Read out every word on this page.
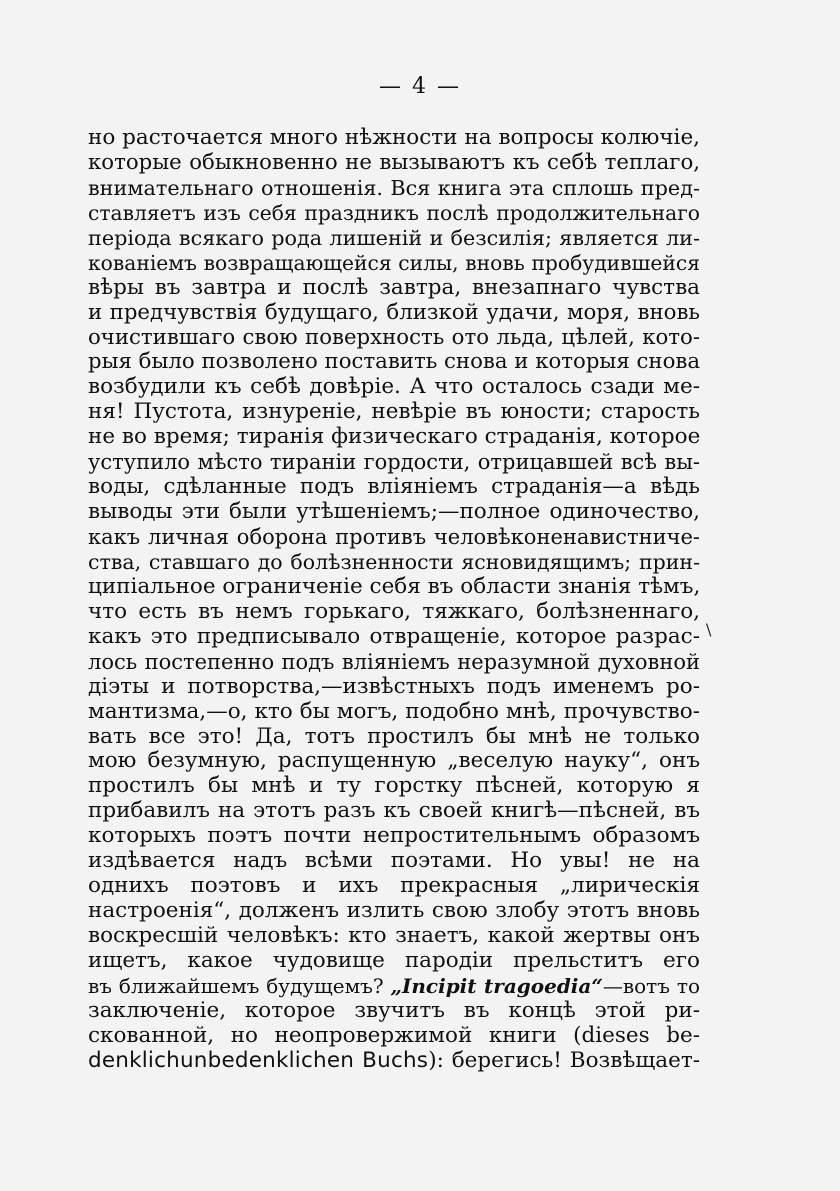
— 4 —
но расточается много нѣжности на вопросы колючіе,
которые обыкновенно не вызываютъ къ себѣ теплаго,
внимательнаго отношенія. Вся книга эта сплошь пред-
ставляетъ изъ себя праздникъ послѣ продолжительнаго
періода всякаго рода лишеній и безсилія; является ли-
кованіемъ возвращающейся силы, вновь пробудившейся
вѣры въ завтра и послѣ завтра, внезапнаго чувства
и предчувствія будущаго, близкой удачи, моря, вновь
очистившаго свою поверхность ото льда, цѣлей, кото-
рыя было позволено поставить снова и которыя снова
возбудили къ себѣ довѣріе. А что осталось сзади ме-
ня! Пустота, изнуреніе, невѣріе въ юности; старость
не во время; тиранія физическаго страданія, которое
уступило мѣсто тираніи гордости, отрицавшей всѣ вы-
воды, сдѣланные подъ вліяніемъ страданія—а вѣдь
выводы эти были утѣшеніемъ;—полное одиночество,
какъ личная оборона противъ человѣконенавистниче-
ства, ставшаго до болѣзненности ясновидящимъ; прин-
ципіальное ограниченіе себя въ области знанія тѣмъ,
что есть въ немъ горькаго, тяжкаго, болѣзненнаго,
какъ это предписывало отвращеніе, которое разрас-
лось постепенно подъ вліяніемъ неразумной духовной
діэты и потворства,—извѣстныхъ подъ именемъ ро-
мантизма,—о, кто бы могъ, подобно мнѣ, прочувство-
вать все это! Да, тотъ простилъ бы мнѣ не только
мою безумную, распущенную „веселую науку“, онъ
простилъ бы мнѣ и ту горстку пѣсней, которую я
прибавилъ на этотъ разъ къ своей книгѣ—пѣсней, въ
которыхъ поэтъ почти непростительнымъ образомъ
издѣвается надъ всѣми поэтами. Но увы! не на
однихъ поэтовъ и ихъ прекрасныя „лирическія
настроенія“, долженъ излить свою злобу этотъ вновь
воскресшій человѣкъ: кто знаетъ, какой жертвы онъ
ищетъ, какое чудовище пародіи прельститъ его
въ ближайшемъ будущемъ? „Incipit tragoedia“—вотъ то
заключеніе, которое звучитъ въ концѣ этой ри-
скованной, но неопровержимой книги (dieses be-
denklichunbedenklichen Buchs): берегись! Возвѣщает-
\
